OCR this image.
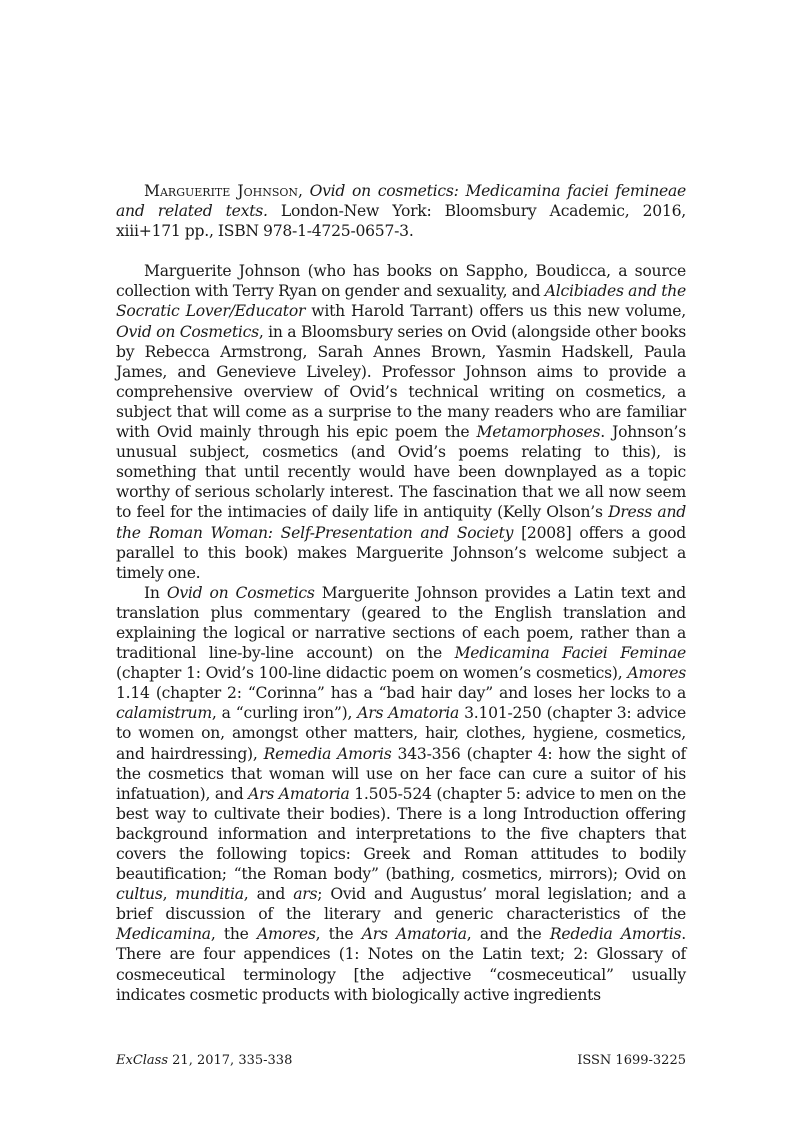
Marguerite Johnson, Ovid on cosmetics: Medicamina faciei femineae and related texts. London-New York: Bloomsbury Academic, 2016, xiii+171 pp., ISBN 978-1-4725-0657-3.

Marguerite Johnson (who has books on Sappho, Boudicca, a source collection with Terry Ryan on gender and sexuality, and Alcibiades and the Socratic Lover/Educator with Harold Tarrant) offers us this new volume, Ovid on Cosmetics, in a Bloomsbury series on Ovid (alongside other books by Rebecca Armstrong, Sarah Annes Brown, Yasmin Hadskell, Paula James, and Genevieve Liveley). Professor Johnson aims to provide a comprehensive overview of Ovid’s technical writing on cosmetics, a subject that will come as a surprise to the many readers who are familiar with Ovid mainly through his epic poem the Metamorphoses. Johnson’s unusual subject, cosmetics (and Ovid’s poems relating to this), is something that until recently would have been downplayed as a topic worthy of serious scholarly interest. The fascination that we all now seem to feel for the intimacies of daily life in antiquity (Kelly Olson’s Dress and the Roman Woman: Self-Presentation and Society [2008] offers a good parallel to this book) makes Marguerite Johnson’s welcome subject a timely one.

In Ovid on Cosmetics Marguerite Johnson provides a Latin text and translation plus commentary (geared to the English translation and explaining the logical or narrative sections of each poem, rather than a traditional line-by-line account) on the Medicamina Faciei Feminae (chapter 1: Ovid’s 100-line didactic poem on women’s cosmetics), Amores 1.14 (chapter 2: “Corinna” has a “bad hair day” and loses her locks to a calamistrum, a “curling iron”), Ars Amatoria 3.101-250 (chapter 3: advice to women on, amongst other matters, hair, clothes, hygiene, cosmetics, and hairdressing), Remedia Amoris 343-356 (chapter 4: how the sight of the cosmetics that woman will use on her face can cure a suitor of his infatuation), and Ars Amatoria 1.505-524 (chapter 5: advice to men on the best way to cultivate their bodies). There is a long Introduction offering background information and interpretations to the five chapters that covers the following topics: Greek and Roman attitudes to bodily beautification; “the Roman body” (bathing, cosmetics, mirrors); Ovid on cultus, munditia, and ars; Ovid and Augustus’ moral legislation; and a brief discussion of the literary and generic characteristics of the Medicamina, the Amores, the Ars Amatoria, and the Rededia Amortis. There are four appendices (1: Notes on the Latin text; 2: Glossary of cosmeceutical terminology [the adjective “cosmeceutical” usually indicates cosmetic products with biologically active ingredients

ExClass 21, 2017, 335-338	ISSN 1699-3225
